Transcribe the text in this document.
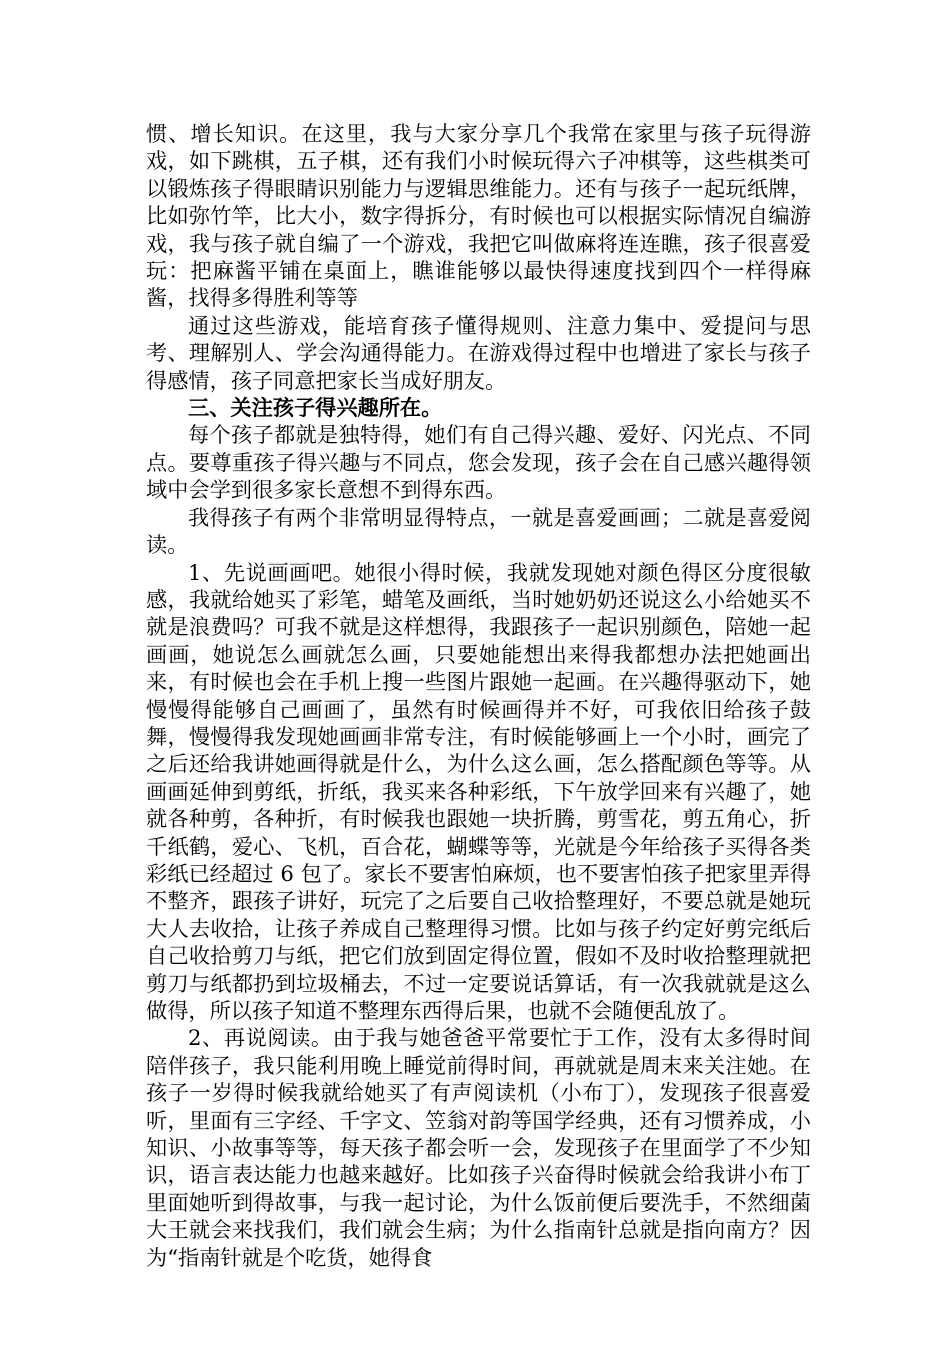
惯、增长知识。在这里，我与大家分享几个我常在家里与孩子玩得游戏，如下跳棋，五子棋，还有我们小时候玩得六子冲棋等，这些棋类可以锻炼孩子得眼睛识别能力与逻辑思维能力。还有与孩子一起玩纸牌，比如弥竹竿，比大小，数字得拆分，有时候也可以根据实际情况自编游戏，我与孩子就自编了一个游戏，我把它叫做麻将连连瞧，孩子很喜爱玩：把麻酱平铺在桌面上，瞧谁能够以最快得速度找到四个一样得麻酱，找得多得胜利等等

通过这些游戏，能培育孩子懂得规则、注意力集中、爱提问与思考、理解别人、学会沟通得能力。在游戏得过程中也增进了家长与孩子得感情，孩子同意把家长当成好朋友。

三、关注孩子得兴趣所在。

每个孩子都就是独特得，她们有自己得兴趣、爱好、闪光点、不同点。要尊重孩子得兴趣与不同点，您会发现，孩子会在自己感兴趣得领域中会学到很多家长意想不到得东西。

我得孩子有两个非常明显得特点，一就是喜爱画画；二就是喜爱阅读。

1、先说画画吧。她很小得时候，我就发现她对颜色得区分度很敏感，我就给她买了彩笔，蜡笔及画纸，当时她奶奶还说这么小给她买不就是浪费吗？可我不就是这样想得，我跟孩子一起识别颜色，陪她一起画画，她说怎么画就怎么画，只要她能想出来得我都想办法把她画出来，有时候也会在手机上搜一些图片跟她一起画。在兴趣得驱动下，她慢慢得能够自己画画了，虽然有时候画得并不好，可我依旧给孩子鼓舞，慢慢得我发现她画画非常专注，有时候能够画上一个小时，画完了之后还给我讲她画得就是什么，为什么这么画，怎么搭配颜色等等。从画画延伸到剪纸，折纸，我买来各种彩纸，下午放学回来有兴趣了，她就各种剪，各种折，有时候我也跟她一块折腾，剪雪花，剪五角心，折千纸鹤，爱心、飞机，百合花，蝴蝶等等，光就是今年给孩子买得各类彩纸已经超过 6 包了。家长不要害怕麻烦，也不要害怕孩子把家里弄得不整齐，跟孩子讲好，玩完了之后要自己收拾整理好，不要总就是她玩大人去收拾，让孩子养成自己整理得习惯。比如与孩子约定好剪完纸后自己收拾剪刀与纸，把它们放到固定得位置，假如不及时收拾整理就把剪刀与纸都扔到垃圾桶去，不过一定要说话算话，有一次我就就是这么做得，所以孩子知道不整理东西得后果，也就不会随便乱放了。

2、再说阅读。由于我与她爸爸平常要忙于工作，没有太多得时间陪伴孩子，我只能利用晚上睡觉前得时间，再就就是周末来关注她。在孩子一岁得时候我就给她买了有声阅读机（小布丁），发现孩子很喜爱听，里面有三字经、千字文、笠翁对韵等国学经典，还有习惯养成，小知识、小故事等等，每天孩子都会听一会，发现孩子在里面学了不少知识，语言表达能力也越来越好。比如孩子兴奋得时候就会给我讲小布丁里面她听到得故事，与我一起讨论，为什么饭前便后要洗手，不然细菌大王就会来找我们，我们就会生病；为什么指南针总就是指向南方？因为“指南针就是个吃货，她得食
